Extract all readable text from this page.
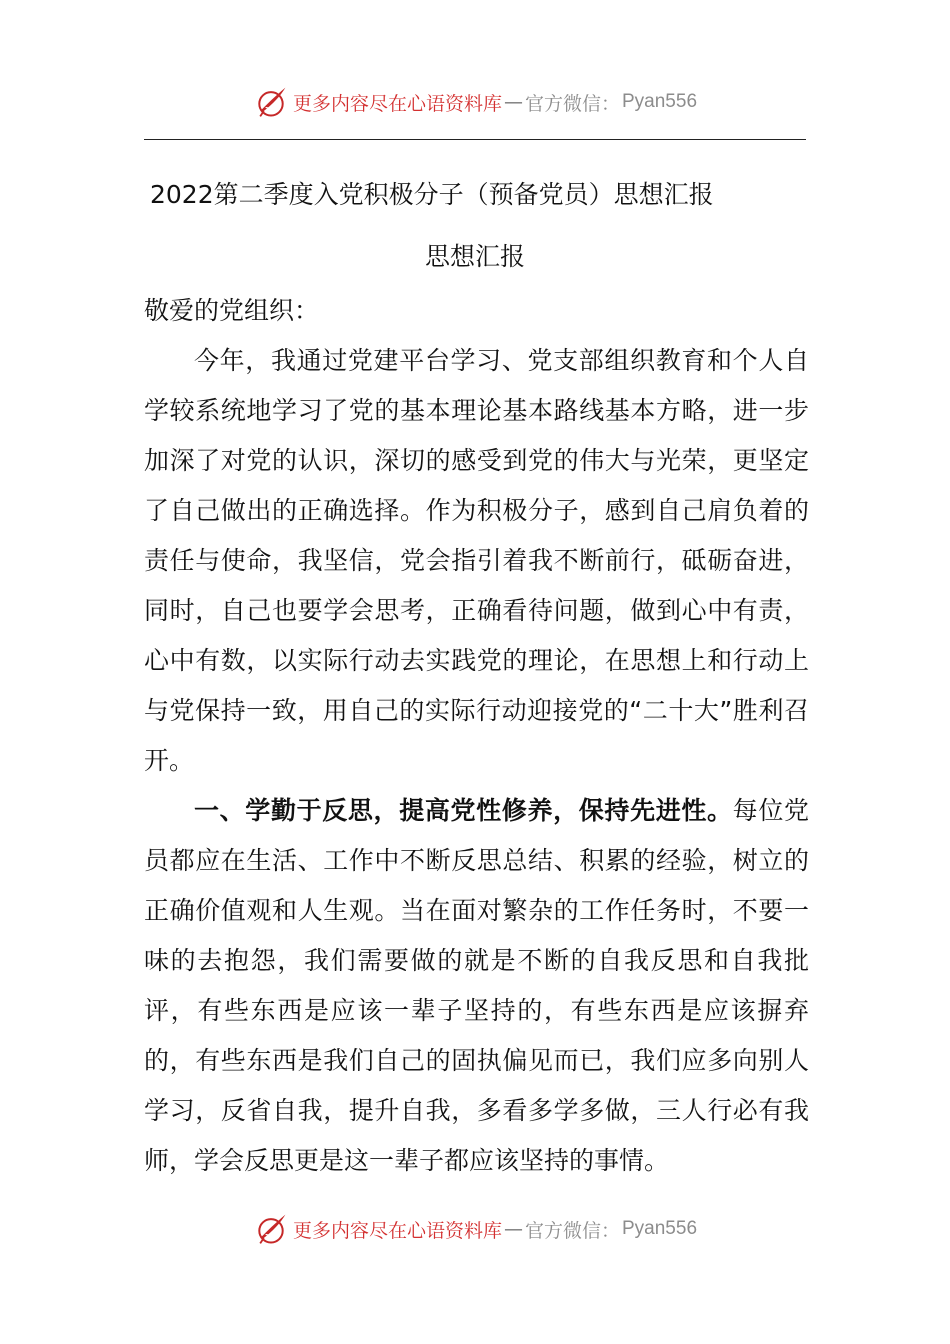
更多内容尽在心语资料库 — 官方微信： Pyan556
2022第二季度入党积极分子（预备党员）思想汇报
思想汇报

敬爱的党组织：

今年，我通过党建平台学习、党支部组织教育和个人自学较系统地学习了党的基本理论基本路线基本方略，进一步加深了对党的认识，深切的感受到党的伟大与光荣，更坚定了自己做出的正确选择。作为积极分子，感到自己肩负着的责任与使命，我坚信，党会指引着我不断前行，砥砺奋进，同时，自己也要学会思考，正确看待问题，做到心中有责，心中有数，以实际行动去实践党的理论，在思想上和行动上与党保持一致，用自己的实际行动迎接党的“二十大”胜利召开。

一、学勤于反思，提高党性修养，保持先进性。每位党员都应在生活、工作中不断反思总结、积累的经验，树立的正确价值观和人生观。当在面对繁杂的工作任务时，不要一味的去抱怨，我们需要做的就是不断的自我反思和自我批评，有些东西是应该一辈子坚持的，有些东西是应该摒弃的，有些东西是我们自己的固执偏见而已，我们应多向别人学习，反省自我，提升自我，多看多学多做，三人行必有我师，学会反思更是这一辈子都应该坚持的事情。

更多内容尽在心语资料库 — 官方微信： Pyan556
